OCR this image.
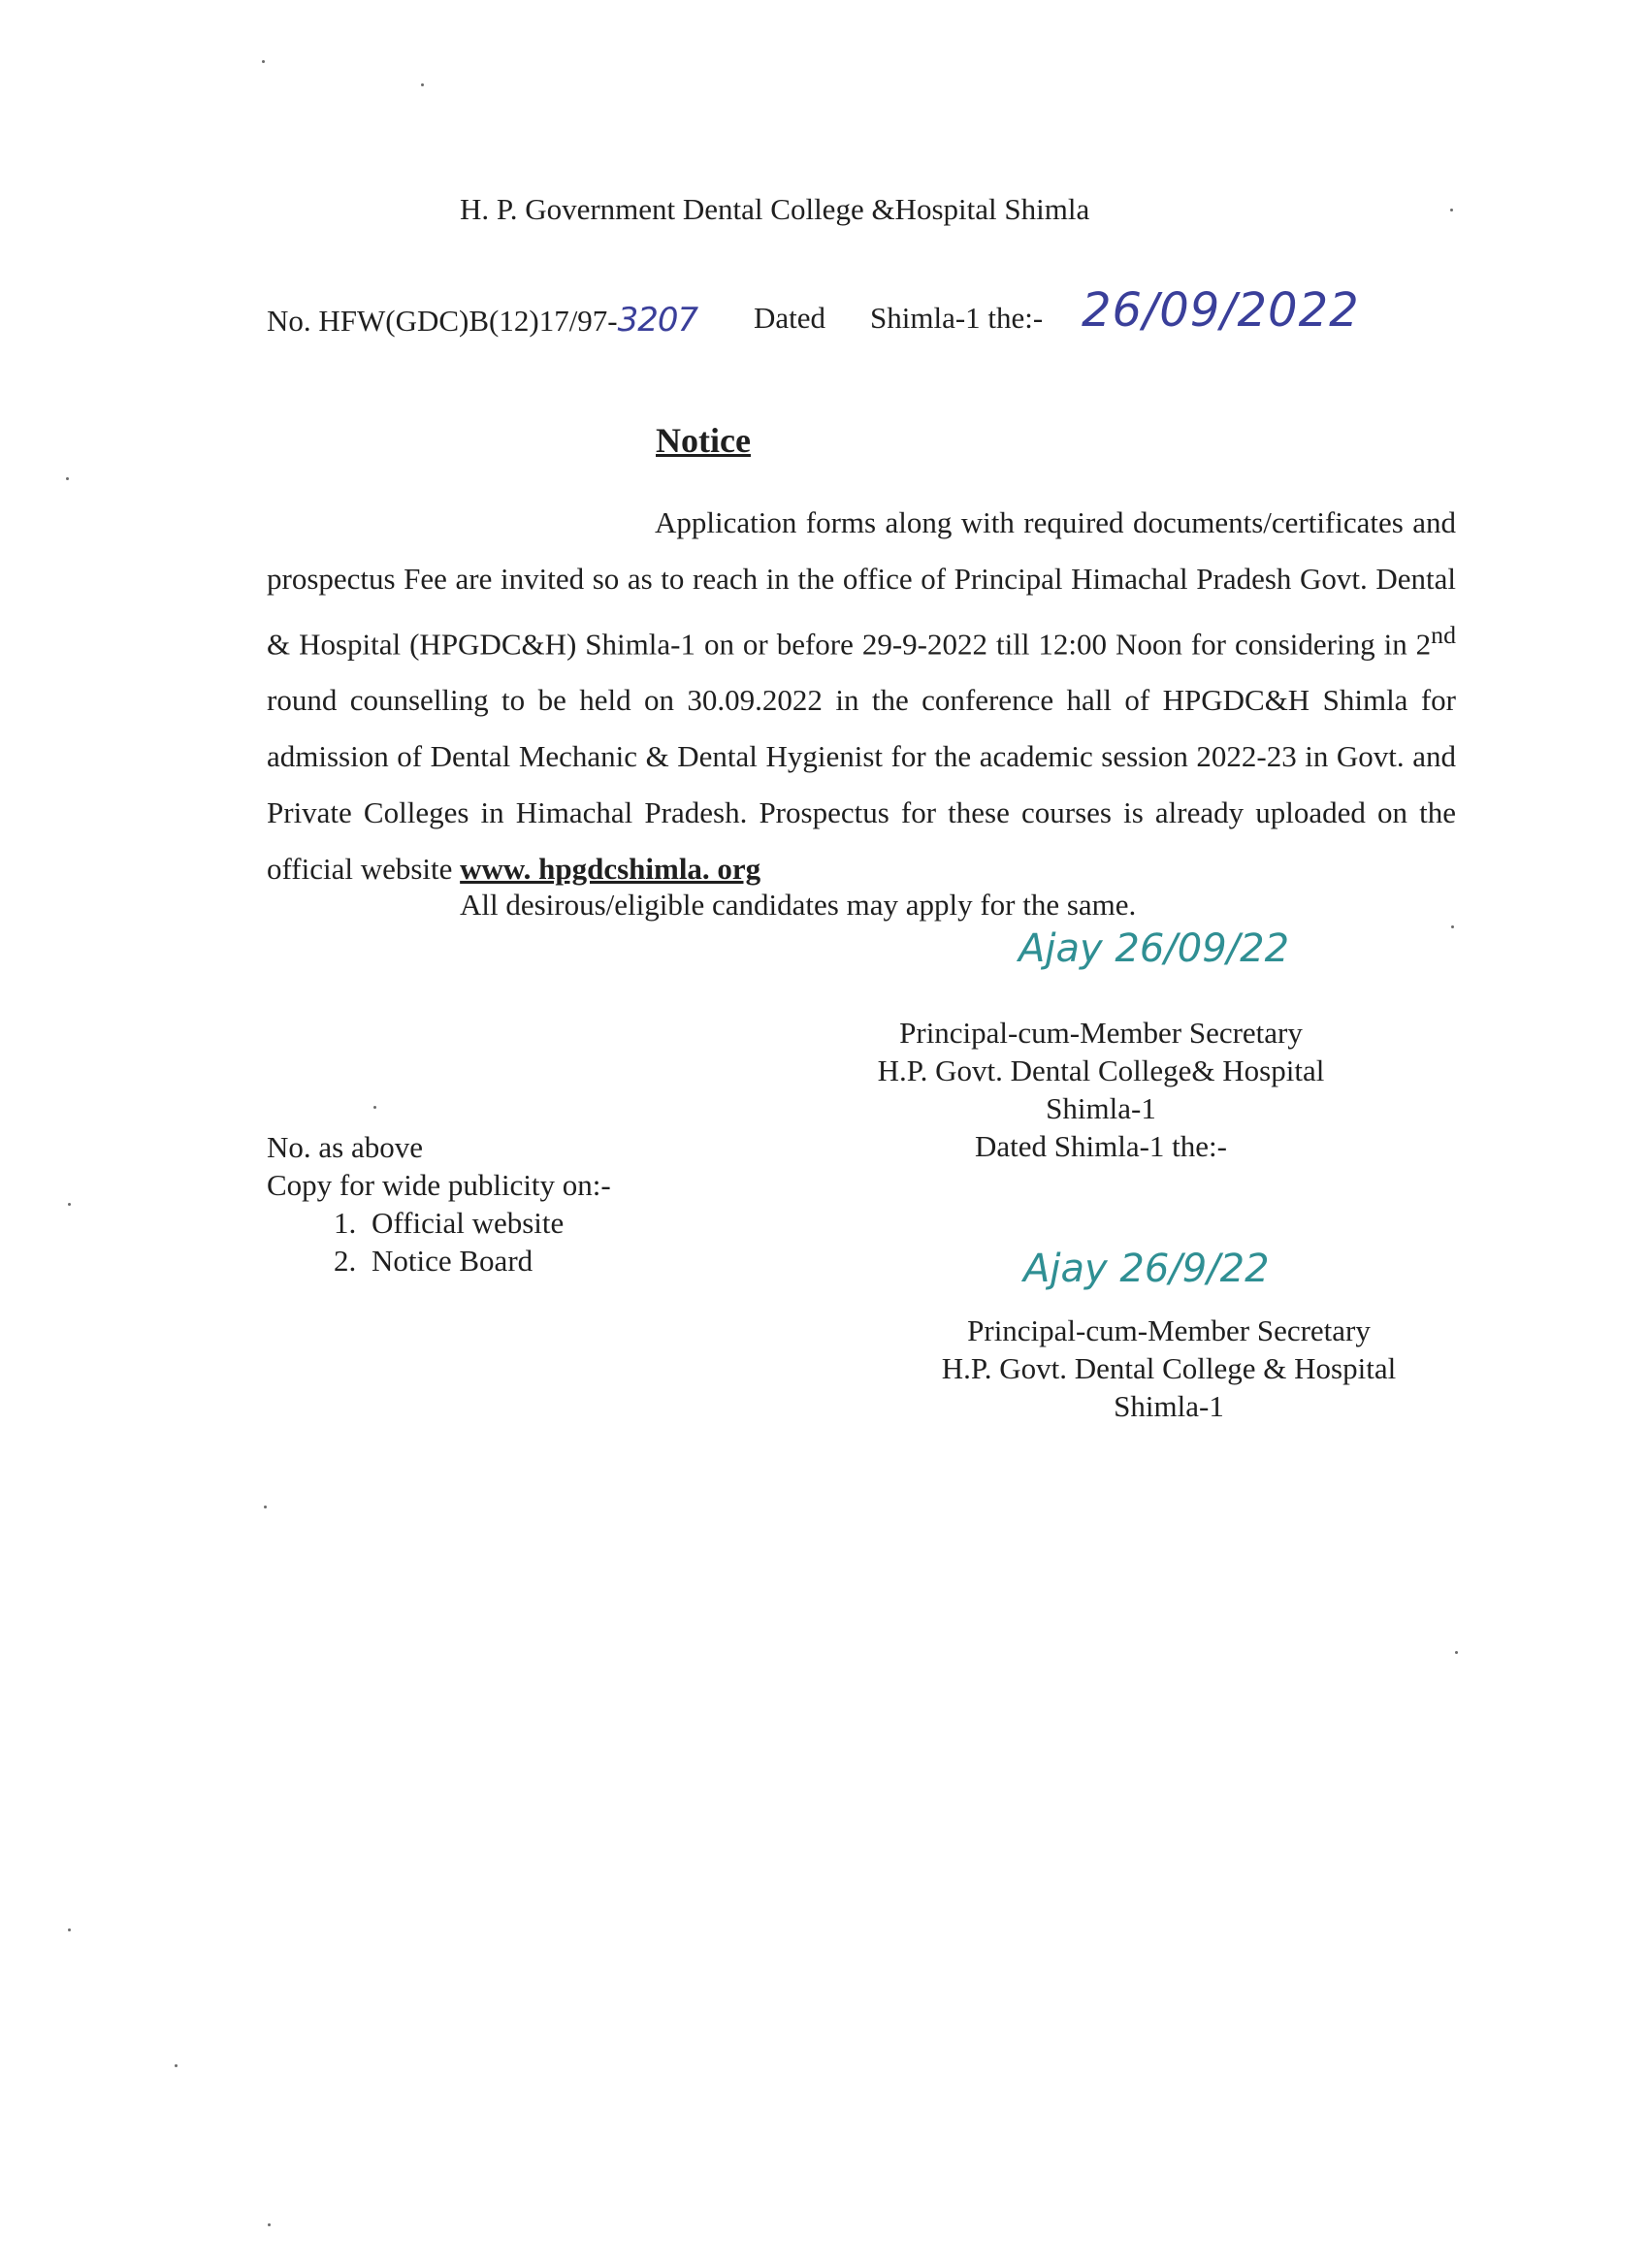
H. P. Government Dental College &Hospital Shimla
No. HFW(GDC)B(12)17/97-3207 Dated Shimla-1 the:- 26/09/2022
Notice
Application forms along with required documents/certificates and prospectus Fee are invited so as to reach in the office of Principal Himachal Pradesh Govt. Dental & Hospital (HPGDC&H) Shimla-1 on or before 29-9-2022 till 12:00 Noon for considering in 2nd round counselling to be held on 30.09.2022 in the conference hall of HPGDC&H Shimla for admission of Dental Mechanic & Dental Hygienist for the academic session 2022-23 in Govt. and Private Colleges in Himachal Pradesh. Prospectus for these courses is already uploaded on the official website www. hpgdcshimla. org
All desirous/eligible candidates may apply for the same.
Ajay 26/09/22
Principal-cum-Member Secretary
H.P. Govt. Dental College& Hospital
Shimla-1
Dated Shimla-1 the:-
No. as above
Copy for wide publicity on:-
1. Official website
2. Notice Board	Ajay 26/9/22
Principal-cum-Member Secretary
H.P. Govt. Dental College & Hospital
Shimla-1
